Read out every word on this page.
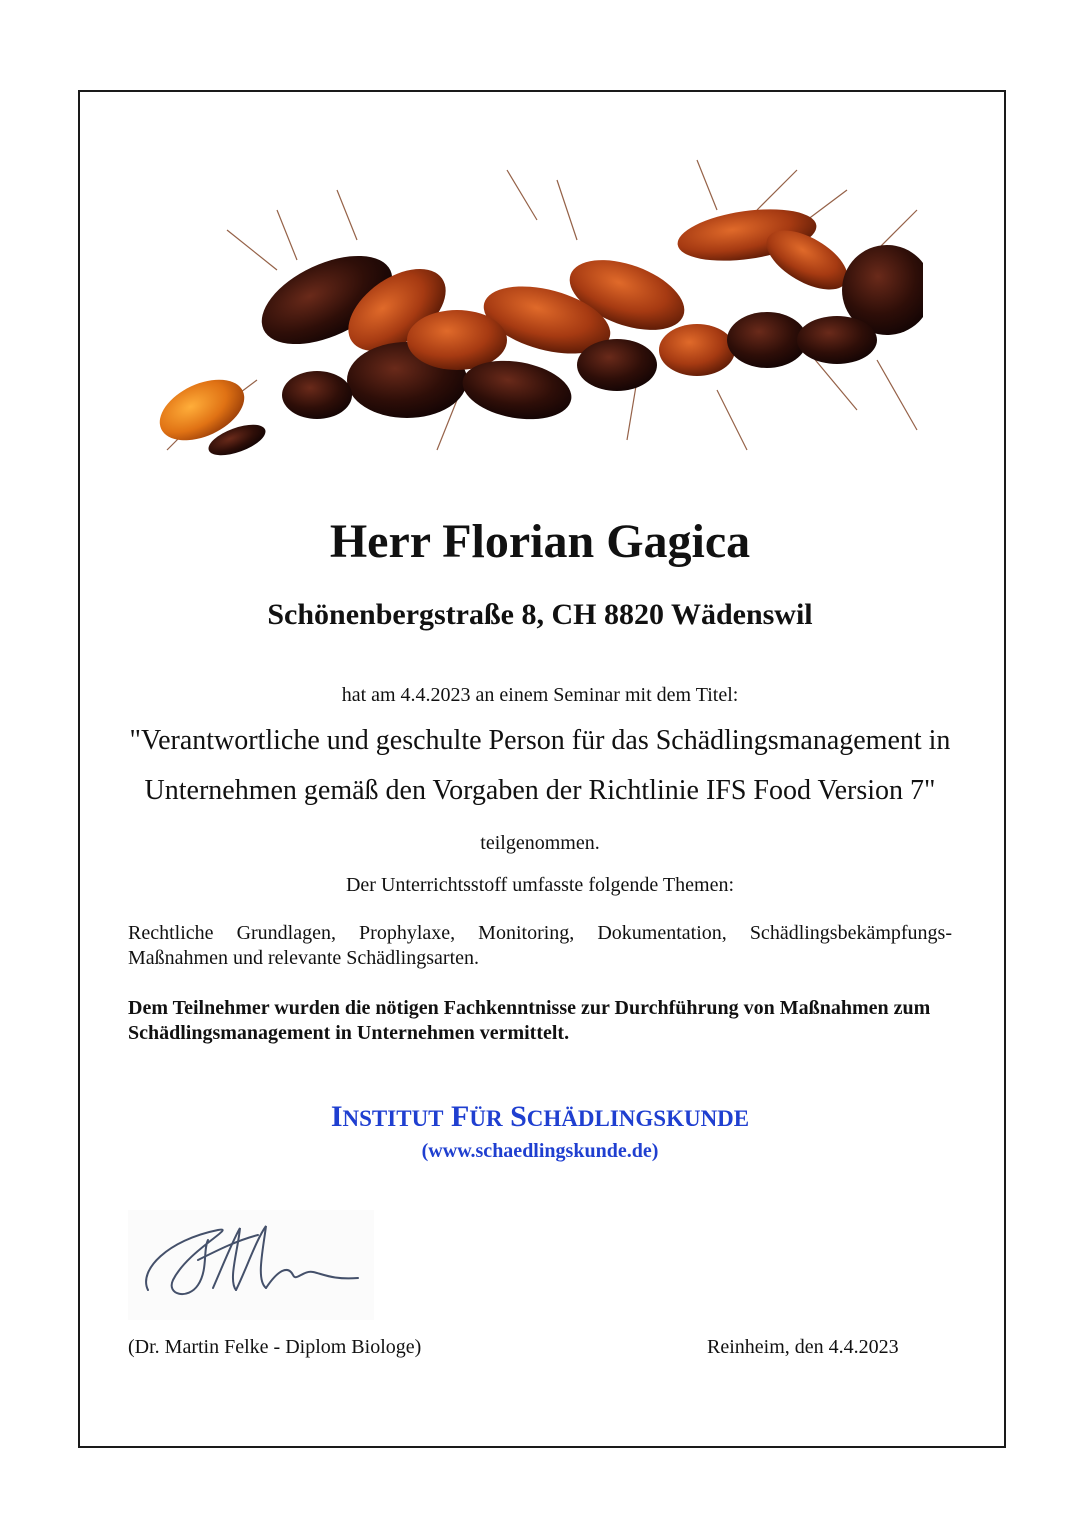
Herr Florian Gagica
Schönenbergstraße 8, CH 8820 Wädenswil
hat am 4.4.2023 an einem Seminar mit dem Titel:
"Verantwortliche und geschulte Person für das Schädlingsmanagement in Unternehmen gemäß den Vorgaben der Richtlinie IFS Food Version 7" teilgenommen.
Der Unterrichtsstoff umfasste folgende Themen:
Rechtliche Grundlagen, Prophylaxe, Monitoring, Dokumentation, Schädlingsbekämpfungs-Maßnahmen und relevante Schädlingsarten.
Dem Teilnehmer wurden die nötigen Fachkenntnisse zur Durchführung von Maßnahmen zum Schädlingsmanagement in Unternehmen vermittelt.
INSTITUT FÜR SCHÄDLINGSKUNDE
(www.schaedlingskunde.de)
(Dr. Martin Felke - Diplom Biologe)	Reinheim, den 4.4.2023
